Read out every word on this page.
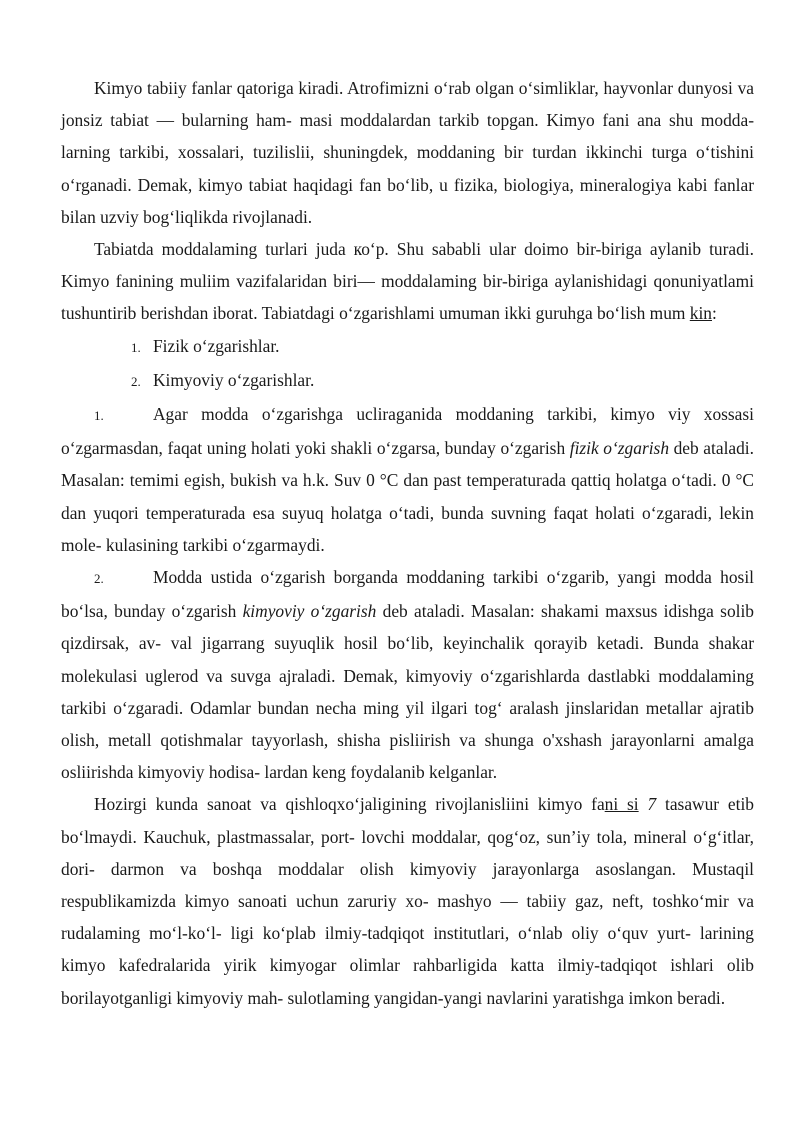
Kimyo tabiiy fanlar qatoriga kiradi. Atrofimizni o‘rab olgan o‘simliklar, hayvonlar dunyosi va jonsiz tabiat — bularning ham- masi moddalardan tarkib topgan. Kimyo fani ana shu modda- larning tarkibi, xossalari, tuzilislii, shuningdek, moddaning bir turdan ikkinchi turga o‘tishini o‘rganadi. Demak, kimyo tabiat haqidagi fan bo‘lib, u fizika, biologiya, mineralogiya kabi fanlar bilan uzviy bog‘liqlikda rivojlanadi.

Tabiatda moddalaming turlari juda ко‘p. Shu sababli ular doimo bir-biriga aylanib turadi. Kimyo fanining muliim vazifalaridan biri— moddalaming bir-biriga aylanishidagi qonuniyatlami tushuntirib berishdan iborat. Tabiatdagi o‘zgarishlami umuman ikki guruhga bo‘lish mum kin:

1. Fizik o‘zgarishlar.
2. Kimyoviy o‘zgarishlar.

1.	Agar modda o‘zgarishga ucliraganida moddaning tarkibi, kimyo viy xossasi o‘zgarmasdan, faqat uning holati yoki shakli o‘zgarsa, bunday o‘zgarish fizik o‘zgarish deb ataladi. Masalan: temimi egish, bukish va h.k. Suv 0 °C dan past temperaturada qattiq holatga o‘tadi. 0 °C dan yuqori temperaturada esa suyuq holatga o‘tadi, bunda suvning faqat holati o‘zgaradi, lekin mole- kulasining tarkibi o‘zgarmaydi.

2.	Modda ustida o‘zgarish borganda moddaning tarkibi o‘zgarib, yangi modda hosil bo‘lsa, bunday o‘zgarish kimyoviy o‘zgarish deb ataladi. Masalan: shakami maxsus idishga solib qizdirsak, av- val jigarrang suyuqlik hosil bo‘lib, keyinchalik qorayib ketadi. Bunda shakar molekulasi uglerod va suvga ajraladi. Demak, kimyoviy o‘zgarishlarda dastlabki moddalaming tarkibi o‘zgaradi. Odamlar bundan necha ming yil ilgari tog‘ aralash jinslaridan metallar ajratib olish, metall qotishmalar tayyorlash, shisha pisliirish va shunga o'xshash jarayonlarni amalga osliirishda kimyoviy hodisa- lardan keng foydalanib kelganlar.

Hozirgi kunda sanoat va qishloqxo‘jaligining rivojlanisliini kimyo fani si 7 tasawur etib bo‘lmaydi. Kauchuk, plastmassalar, port- lovchi moddalar, qog‘oz, sun’iy tola, mineral o‘g‘itlar, dori- darmon va boshqa moddalar olish kimyoviy jarayonlarga asoslangan. Mustaqil respublikamizda kimyo sanoati uchun zaruriy xo- mashyo — tabiiy gaz, neft, toshko‘mir va rudalaming mo‘l-ko‘l- ligi ko‘plab ilmiy-tadqiqot institutlari, o‘nlab oliy o‘quv yurt- larining kimyo kafedralarida yirik kimyogar olimlar rahbarligida katta ilmiy-tadqiqot ishlari olib borilayotganligi kimyoviy mah- sulotlaming yangidan-yangi navlarini yaratishga imkon beradi.
